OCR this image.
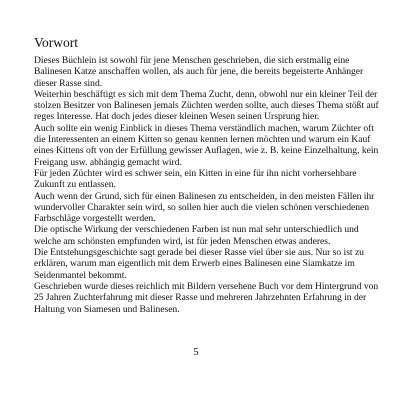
Vorwort
Dieses Büchlein ist sowohl für jene Menschen geschrieben, die sich erstmalig eine
Balinesen Katze anschaffen wollen, als auch für jene, die bereits begeisterte Anhänger
dieser Rasse sind.
Weiterhin beschäftigt es sich mit dem Thema Zucht, denn, obwohl nur ein kleiner Teil der
stolzen Besitzer von Balinesen jemals Züchten werden sollte, auch dieses Thema stößt auf
reges Interesse. Hat doch jedes dieser kleinen Wesen seinen Ursprung hier.
Auch sollte ein wenig Einblick in dieses Thema verständlich machen, warum Züchter oft
die Interessenten an einem Kitten so genau kennen lernen möchten und warum ein Kauf
eines Kittens oft von der Erfüllung gewisser Auflagen, wie z. B. keine Einzelhaltung, kein
Freigang usw. abhängig gemacht wird.
Für jeden Züchter wird es schwer sein, ein Kitten in eine für ihn nicht vorhersehbare
Zukunft zu entlassen.
Auch wenn der Grund, sich für einen Balinesen zu entscheiden, in den meisten Fällen ihr
wundervoller Charakter sein wird, so sollen hier auch die vielen schönen verschiedenen
Farbschläge vorgestellt werden.
Die optische Wirkung der verschiedenen Farben ist nun mal sehr unterschiedlich und
welche am schönsten empfunden wird, ist für jeden Menschen etwas anderes.
Die Entstehungsgeschichte sagt gerade bei dieser Rasse viel über sie aus. Nur so ist zu
erklären, warum man eigentlich mit dem Erwerb eines Balinesen eine Siamkatze im
Seidenmantel bekommt.
Geschrieben wurde dieses reichlich mit Bildern versehene Buch vor dem Hintergrund von
25 Jahren Zuchterfahrung mit dieser Rasse und mehreren Jahrzehnten Erfahrung in der
Haltung von Siamesen und Balinesen.
5
